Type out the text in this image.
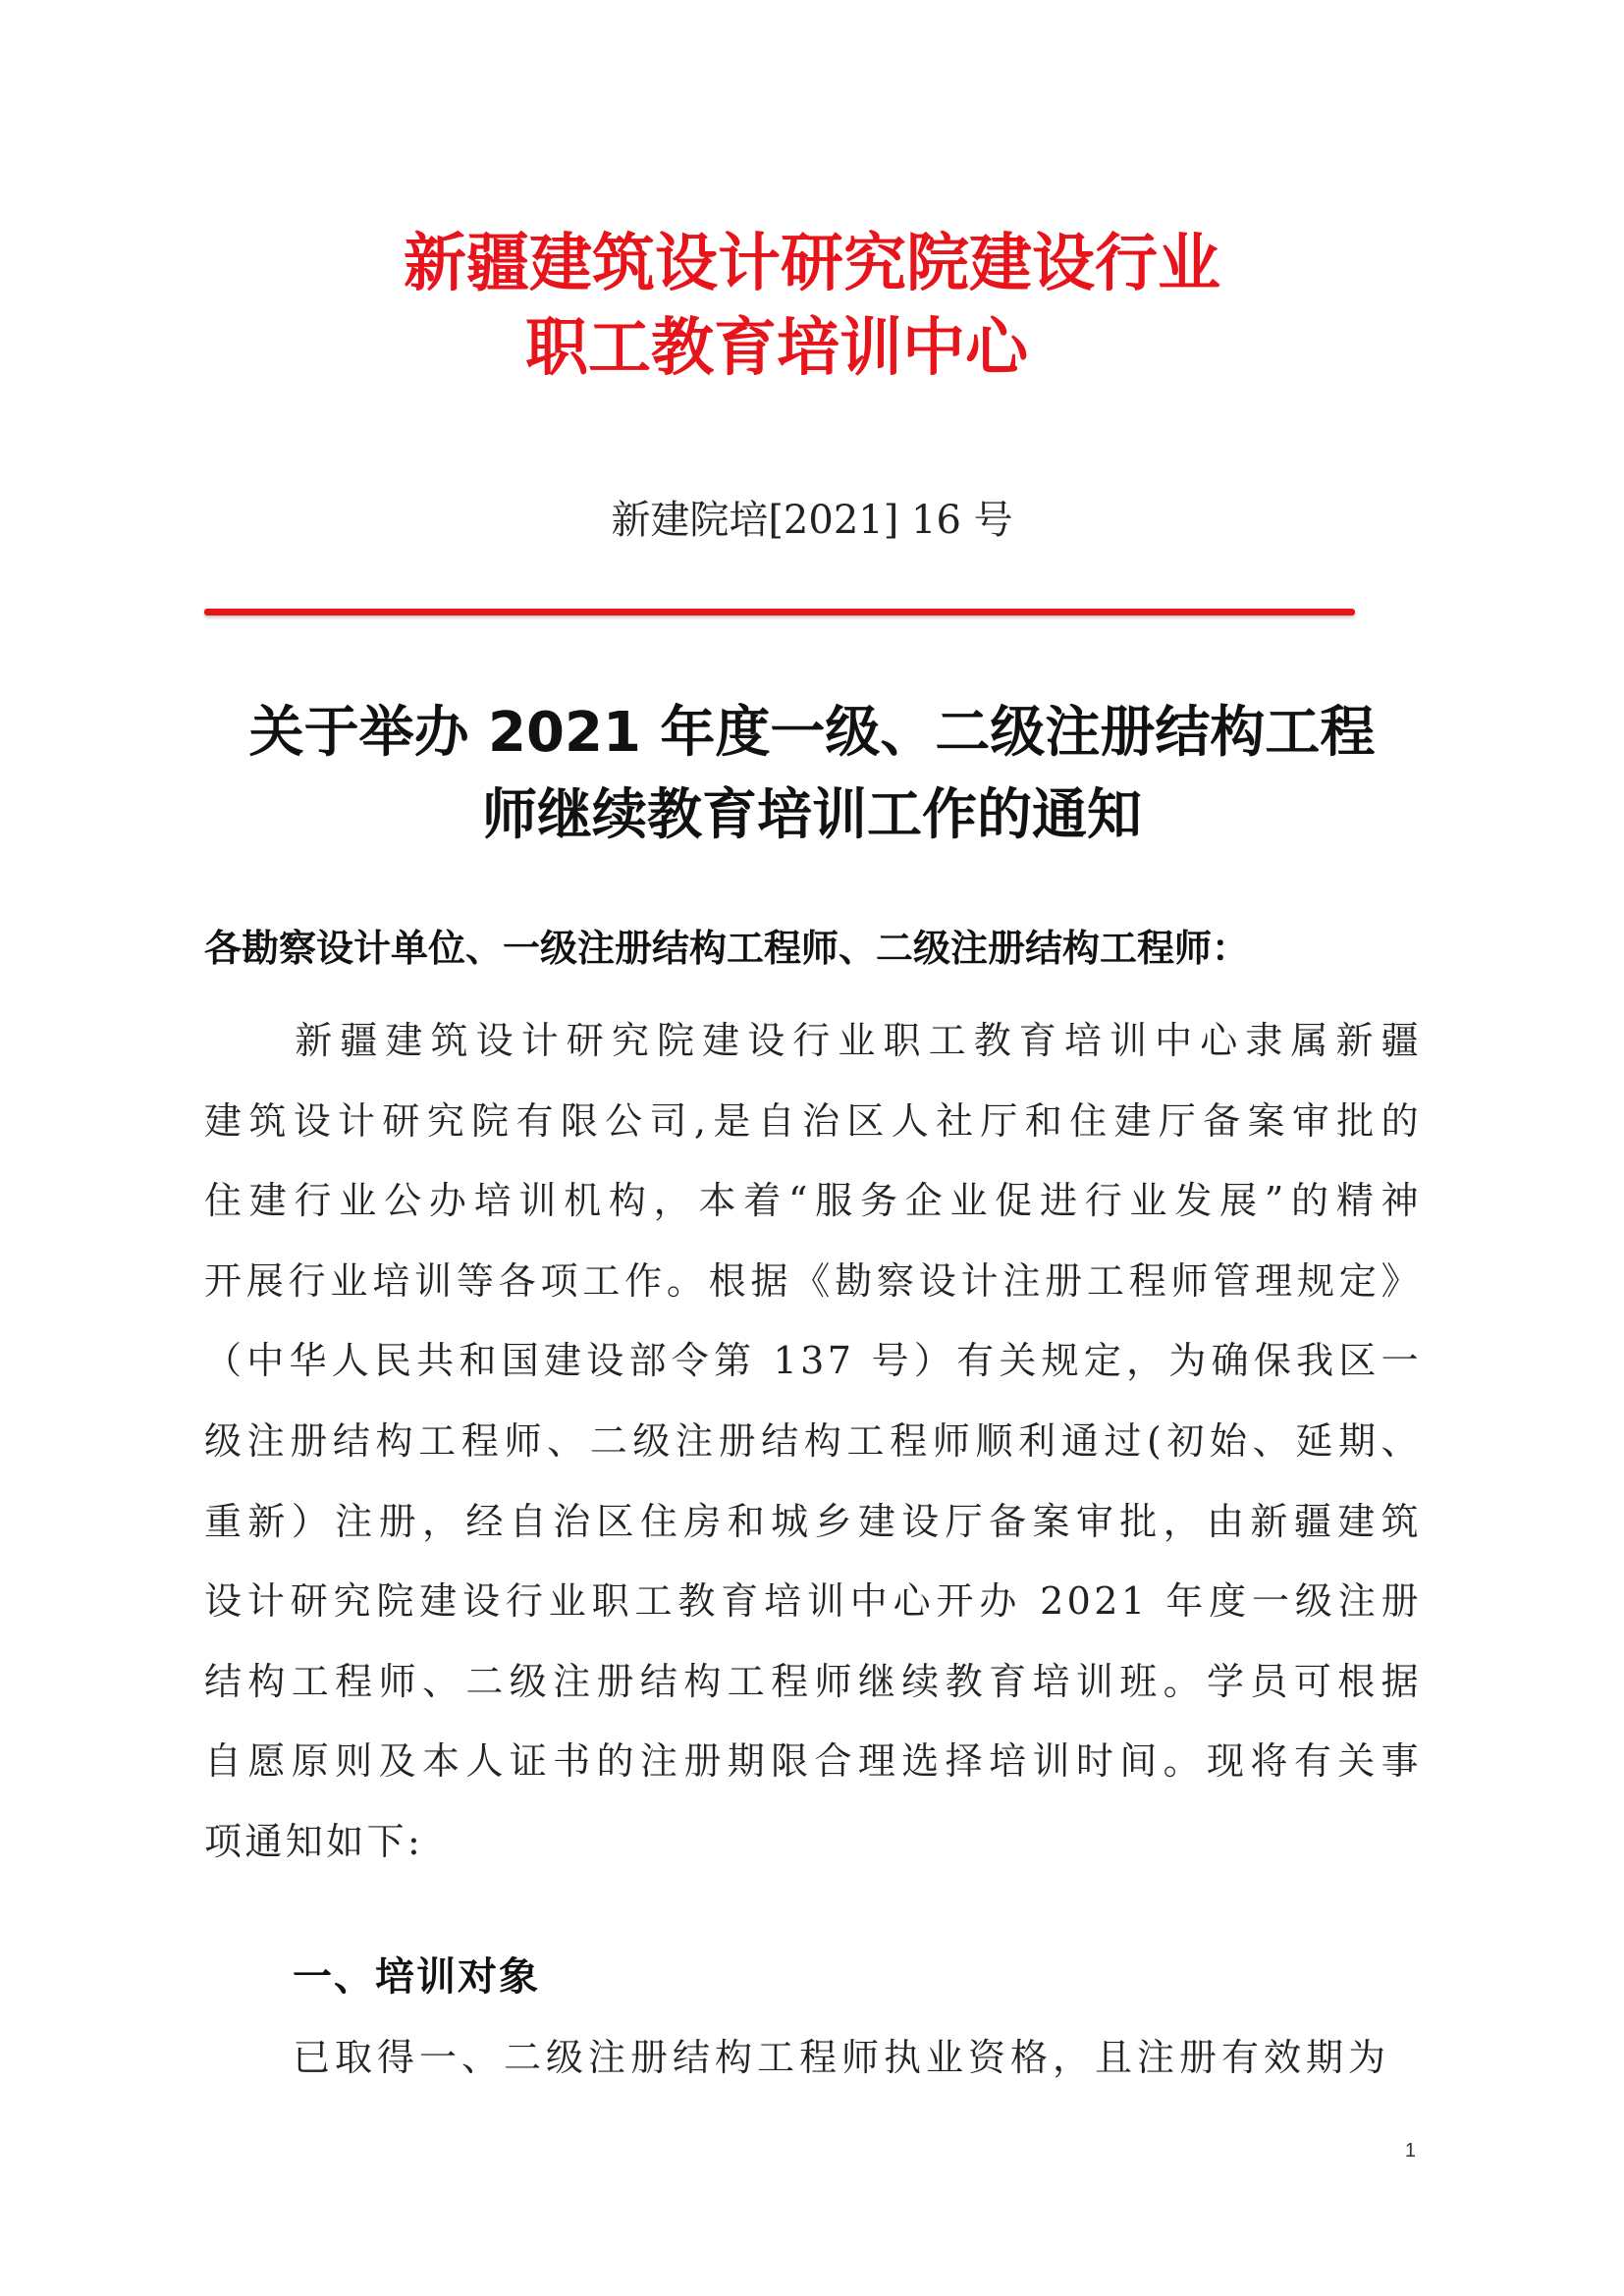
新疆建筑设计研究院建设行业
职工教育培训中心
新建院培[2021] 16 号
关于举办 2021 年度一级、二级注册结构工程
师继续教育培训工作的通知
各勘察设计单位、一级注册结构工程师、二级注册结构工程师：
　　新疆建筑设计研究院建设行业职工教育培训中心隶属新疆
建筑设计研究院有限公司,是自治区人社厅和住建厅备案审批的
住建行业公办培训机构，本着“服务企业促进行业发展”的精神
开展行业培训等各项工作。根据《勘察设计注册工程师管理规定》
（中华人民共和国建设部令第 137 号）有关规定，为确保我区一
级注册结构工程师、二级注册结构工程师顺利通过(初始、延期、
重新）注册，经自治区住房和城乡建设厅备案审批，由新疆建筑
设计研究院建设行业职工教育培训中心开办 2021 年度一级注册
结构工程师、二级注册结构工程师继续教育培训班。学员可根据
自愿原则及本人证书的注册期限合理选择培训时间。现将有关事
项通知如下:
一、培训对象
已取得一、二级注册结构工程师执业资格，且注册有效期为
1
